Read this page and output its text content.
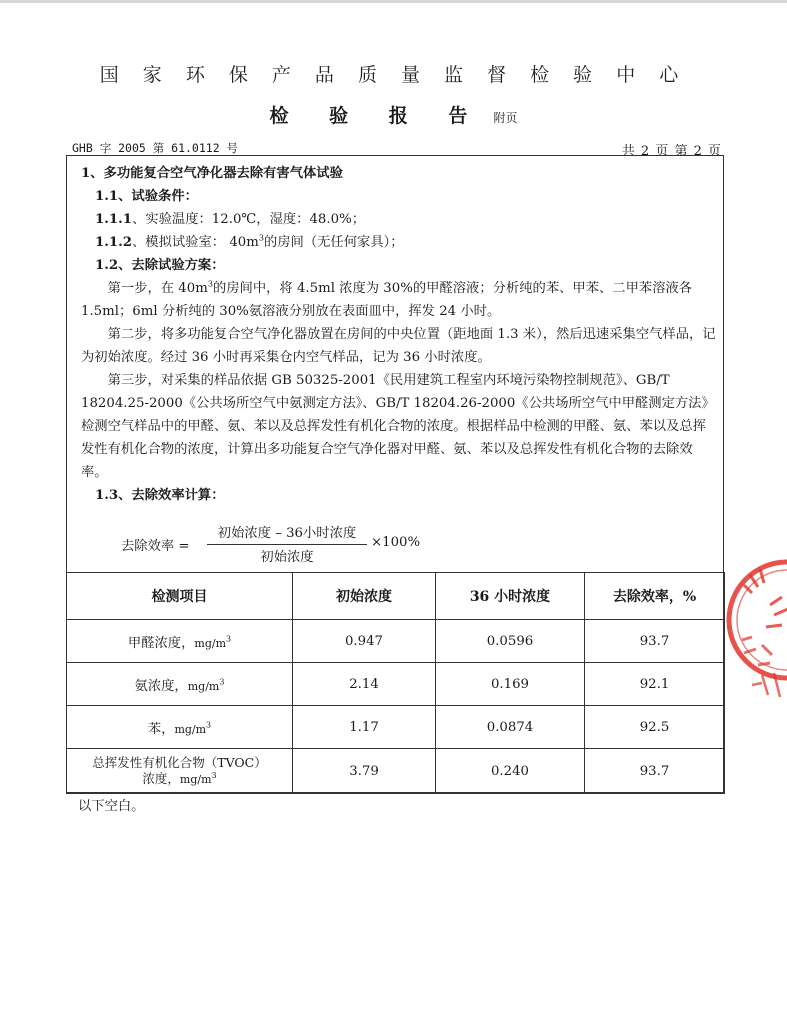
国 家 环 保 产 品 质 量 监 督 检 验 中 心
检 验 报 告 附页
GHB 字 2005 第 61.0112 号	共 2 页 第 2 页

1、多功能复合空气净化器去除有害气体试验

1.1、试验条件：

1.1.1、实验温度：12.0℃，湿度：48.0%；

1.1.2、模拟试验室： $40m^3$的房间（无任何家具）；

1.2、去除试验方案：

第一步，在 $40m^3$的房间中，将 4.5ml 浓度为 30%的甲醛溶液；分析纯的苯、甲苯、二甲苯溶液各 1.5ml；6ml 分析纯的 30%氨溶液分别放在表面皿中，挥发 24 小时。

第二步，将多功能复合空气净化器放置在房间的中央位置（距地面 1.3 米），然后迅速采集空气样品，记为初始浓度。经过 36 小时再采集仓内空气样品，记为 36 小时浓度。

第三步，对采集的样品依据 GB 50325-2001《民用建筑工程室内环境污染物控制规范》、GB/T 18204.25-2000《公共场所空气中氨测定方法》、GB/T 18204.26-2000《公共场所空气中甲醛测定方法》检测空气样品中的甲醛、氨、苯以及总挥发性有机化合物的浓度。根据样品中检测的甲醛、氨、苯以及总挥发性有机化合物的浓度，计算出多功能复合空气净化器对甲醛、氨、苯以及总挥发性有机化合物的去除效率。

1.3、去除效率计算：

去除效率 =
初始浓度 – 36小时浓度
初始浓度
×100%
检测项目	初始浓度	36 小时浓度	去除效率，%
甲醛浓度，$mg/m^3$	0.947	0.0596	93.7
氨浓度，$mg/m^3$	2.14	0.169	92.1
苯，$mg/m^3$	1.17	0.0874	92.5
总挥发性有机化合物（TVOC）
浓度，$mg/m^3$	3.79	0.240	93.7
以下空白。
